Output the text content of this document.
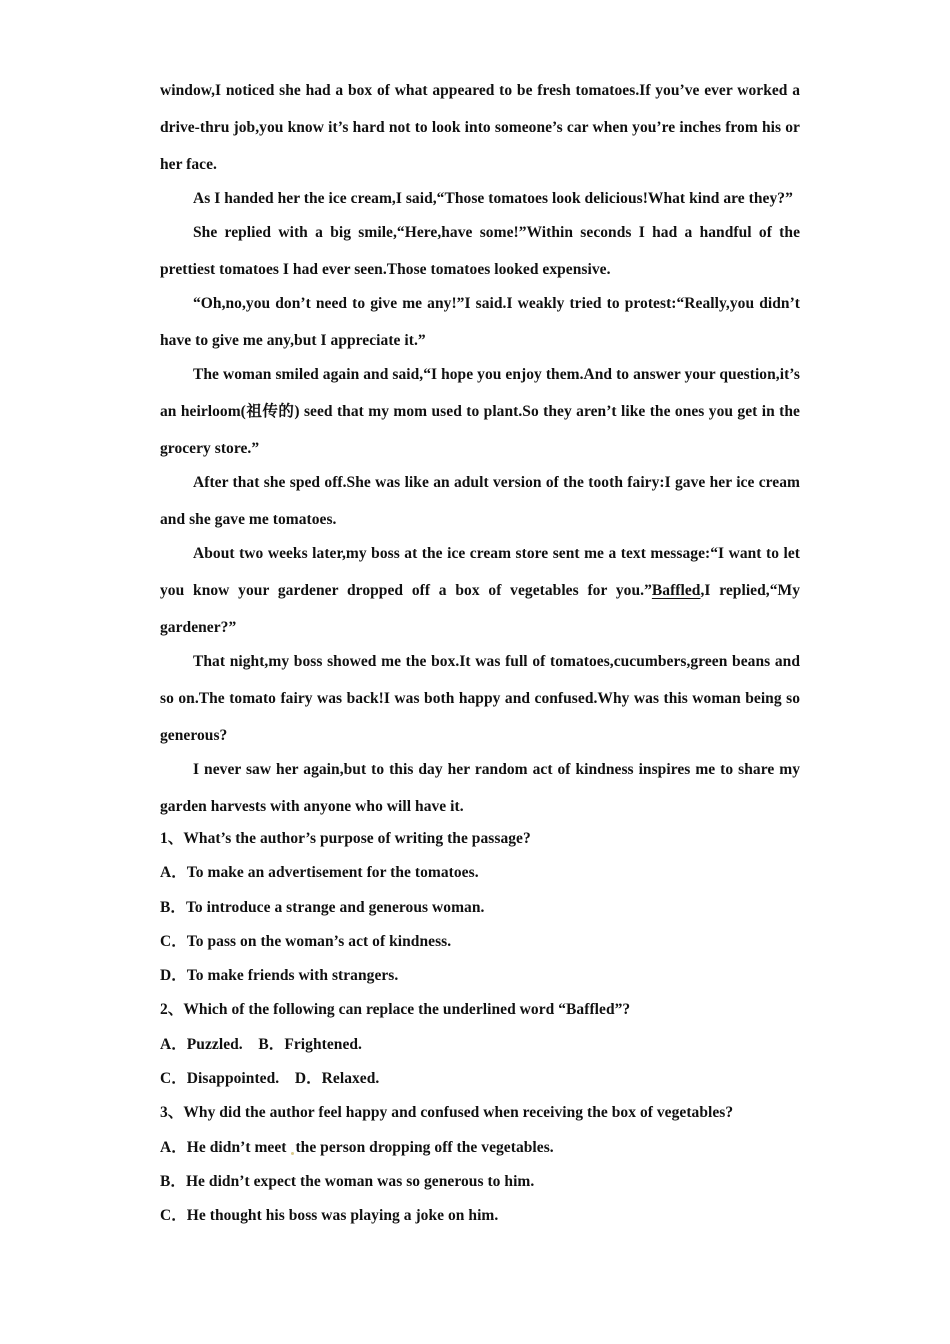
window,I noticed she had a box of what appeared to be fresh tomatoes.If you’ve ever worked a drive-thru job,you know it’s hard not to look into someone’s car when you’re inches from his or her face.

As I handed her the ice cream,I said,“Those tomatoes look delicious!What kind are they?”

She replied with a big smile,“Here,have some!”Within seconds I had a handful of the prettiest tomatoes I had ever seen.Those tomatoes looked expensive.

“Oh,no,you don’t need to give me any!”I said.I weakly tried to protest:“Really,you didn’t have to give me any,but I appreciate it.”

The woman smiled again and said,“I hope you enjoy them.And to answer your question,it’s an heirloom(祖传的) seed that my mom used to plant.So they aren’t like the ones you get in the grocery store.”

After that she sped off.She was like an adult version of the tooth fairy:I gave her ice cream and she gave me tomatoes.

About two weeks later,my boss at the ice cream store sent me a text message:“I want to let you know your gardener dropped off a box of vegetables for you.”Baffled,I replied,“My gardener?”

That night,my boss showed me the box.It was full of tomatoes,cucumbers,green beans and so on.The tomato fairy was back!I was both happy and confused.Why was this woman being so generous?

I never saw her again,but to this day her random act of kindness inspires me to share my garden harvests with anyone who will have it.

1、What’s the author’s purpose of writing the passage?

A．To make an advertisement for the tomatoes.

B．To introduce a strange and generous woman.

C．To pass on the woman’s act of kindness.

D．To make friends with strangers.

2、Which of the following can replace the underlined word “Baffled”?

A．Puzzled.    B．Frightened.

C．Disappointed.    D．Relaxed.

3、Why did the author feel happy and confused when receiving the box of vegetables?

A．He didn’t meet the person dropping off the vegetables.

B．He didn’t expect the woman was so generous to him.

C．He thought his boss was playing a joke on him.
